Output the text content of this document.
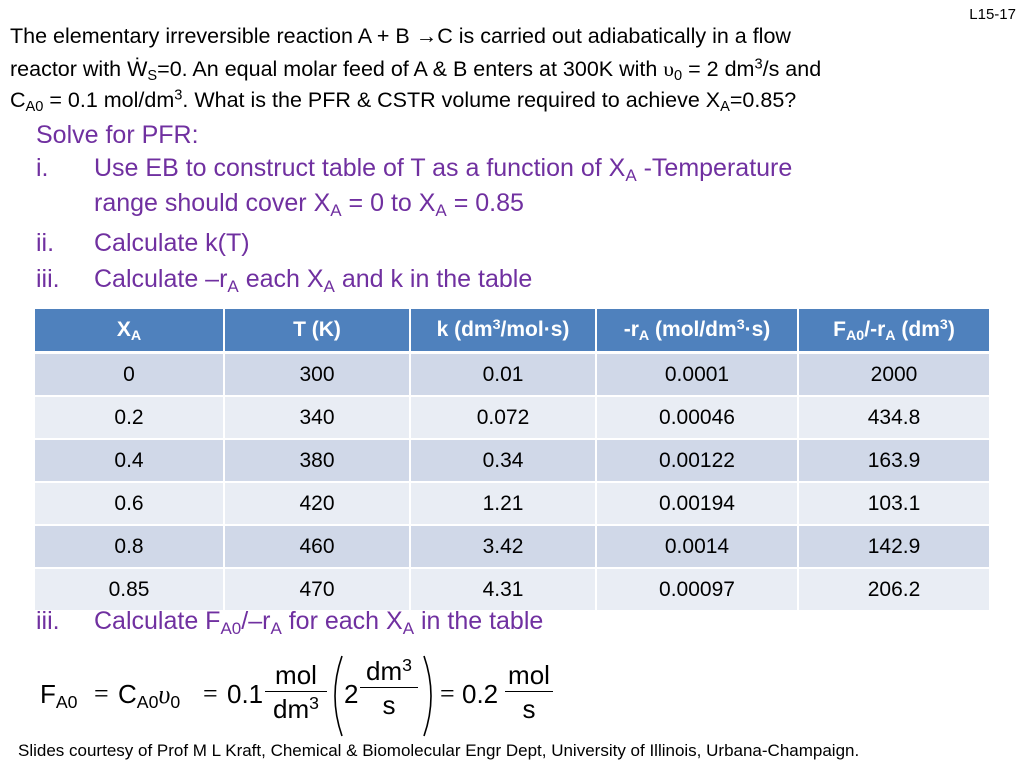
L15-17
The elementary irreversible reaction A + B →C is carried out adiabatically in a flow
reactor with Ẇ$_S$=0. An equal molar feed of A & B enters at 300K with $\upsilon_0 = 2$ $dm^3/s$ and
$C_{A0} = 0.1$ mol/$dm^3$. What is the PFR & CSTR volume required to achieve $X_A=0.85$?
Solve for PFR:
i. Use EB to construct table of T as a function of $X_A$ -Temperature
range should cover $X_A = 0$ to $X_A = 0.85$
ii. Calculate k(T)
iii. Calculate $-r_A$ each $X_A$ and k in the table
$X_A$	T (K)	k $(dm^3/mol\cdot s)$	$-r_A$ $(mol/dm^3\cdot s)$	$F_{A0}/-r_A$ $(dm^3)$
0	300	0.01	0.0001	2000
0.2	340	0.072	0.00046	434.8
0.4	380	0.34	0.00122	163.9
0.6	420	1.21	0.00194	103.1
0.8	460	3.42	0.0014	142.9
0.85	470	4.31	0.00097	206.2
iii. Calculate $F_{A0}/-r_A$ for each $X_A$ in the table
$F_{A0} = C_{A0}\upsilon_0 = 0.1$
mol
$dm^3$ $2 \frac{dm^3}{s} = 0.2$
mol
s
Slides courtesy of Prof M L Kraft, Chemical & Biomolecular Engr Dept, University of Illinois, Urbana-Champaign.
